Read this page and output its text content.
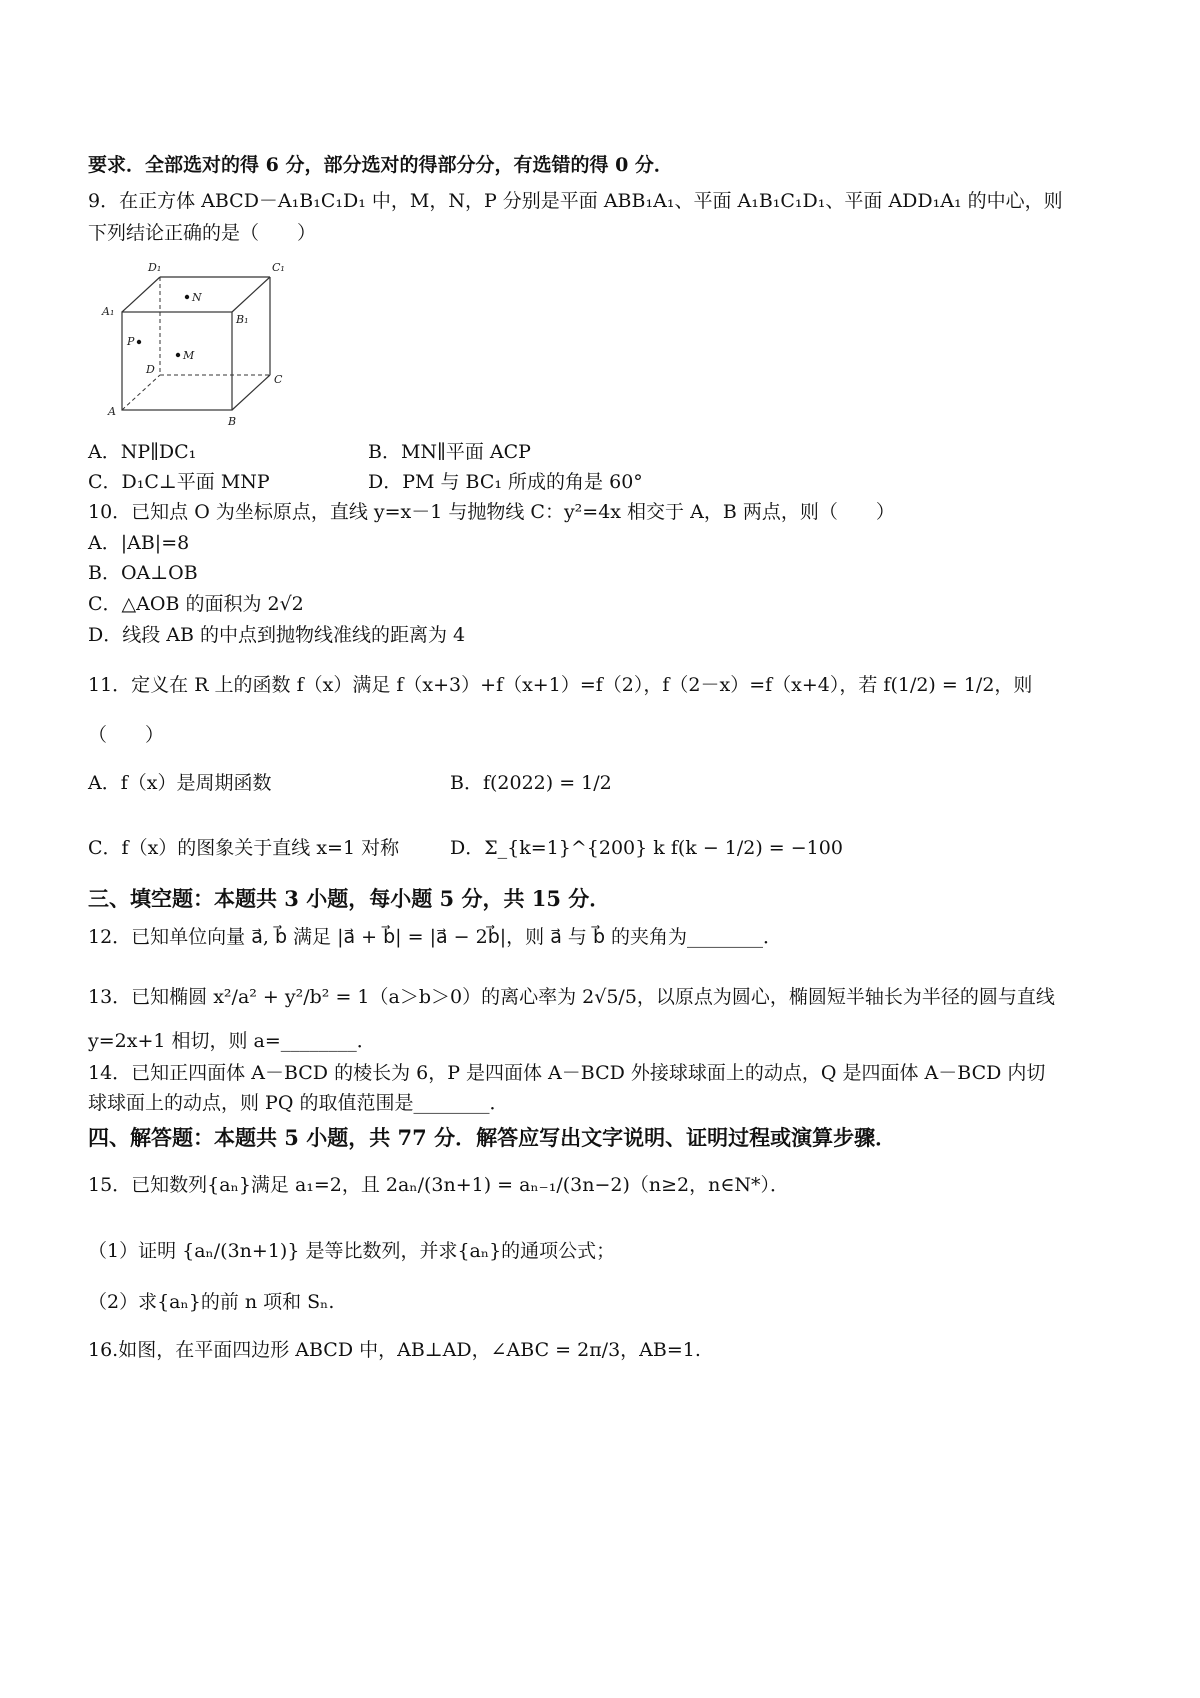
要求．全部选对的得 6 分，部分选对的得部分分，有选错的得 0 分．
9．在正方体 ABCD－A₁B₁C₁D₁ 中，M，N，P 分别是平面 ABB₁A₁、平面 A₁B₁C₁D₁、平面 ADD₁A₁ 的中心，则
下列结论正确的是（　　）
D₁	C₁
A₁
B₁
A
B
C
D
N
M
P
A．NP∥DC₁	B．MN∥平面 ACP
C．D₁C⊥平面 MNP	D．PM 与 BC₁ 所成的角是 60°
10．已知点 O 为坐标原点，直线 y=x－1 与抛物线 C：y²=4x 相交于 A，B 两点，则（　　）
A．|AB|=8
B．OA⊥OB
C．△AOB 的面积为 2√2
D．线段 AB 的中点到抛物线准线的距离为 4
11．定义在 R 上的函数 f（x）满足 f（x+3）+f（x+1）=f（2），f（2－x）=f（x+4），若 f(1/2) = 1/2，则
（　　）
A．f（x）是周期函数	B．f(2022) = 1/2
C．f（x）的图象关于直线 x=1 对称	D．Σ_{k=1}^{200} k f(k − 1/2) = −100
三、填空题：本题共 3 小题，每小题 5 分，共 15 分．
12．已知单位向量 a⃗, b⃗ 满足 |a⃗ + b⃗| = |a⃗ − 2b⃗|，则 a⃗ 与 b⃗ 的夹角为________．
13．已知椭圆 x²/a² + y²/b² = 1（a＞b＞0）的离心率为 2√5/5，以原点为圆心，椭圆短半轴长为半径的圆与直线
y=2x+1 相切，则 a=________．
14．已知正四面体 A－BCD 的棱长为 6，P 是四面体 A－BCD 外接球球面上的动点，Q 是四面体 A－BCD 内切
球球面上的动点，则 PQ 的取值范围是________．
四、解答题：本题共 5 小题，共 77 分．解答应写出文字说明、证明过程或演算步骤．
15．已知数列{aₙ}满足 a₁=2，且 2aₙ/(3n+1) = aₙ₋₁/(3n−2)（n≥2，n∈N*）．
（1）证明 {aₙ/(3n+1)} 是等比数列，并求{aₙ}的通项公式；
（2）求{aₙ}的前 n 项和 Sₙ.
16.如图，在平面四边形 ABCD 中，AB⊥AD，∠ABC = 2π/3，AB=1.
